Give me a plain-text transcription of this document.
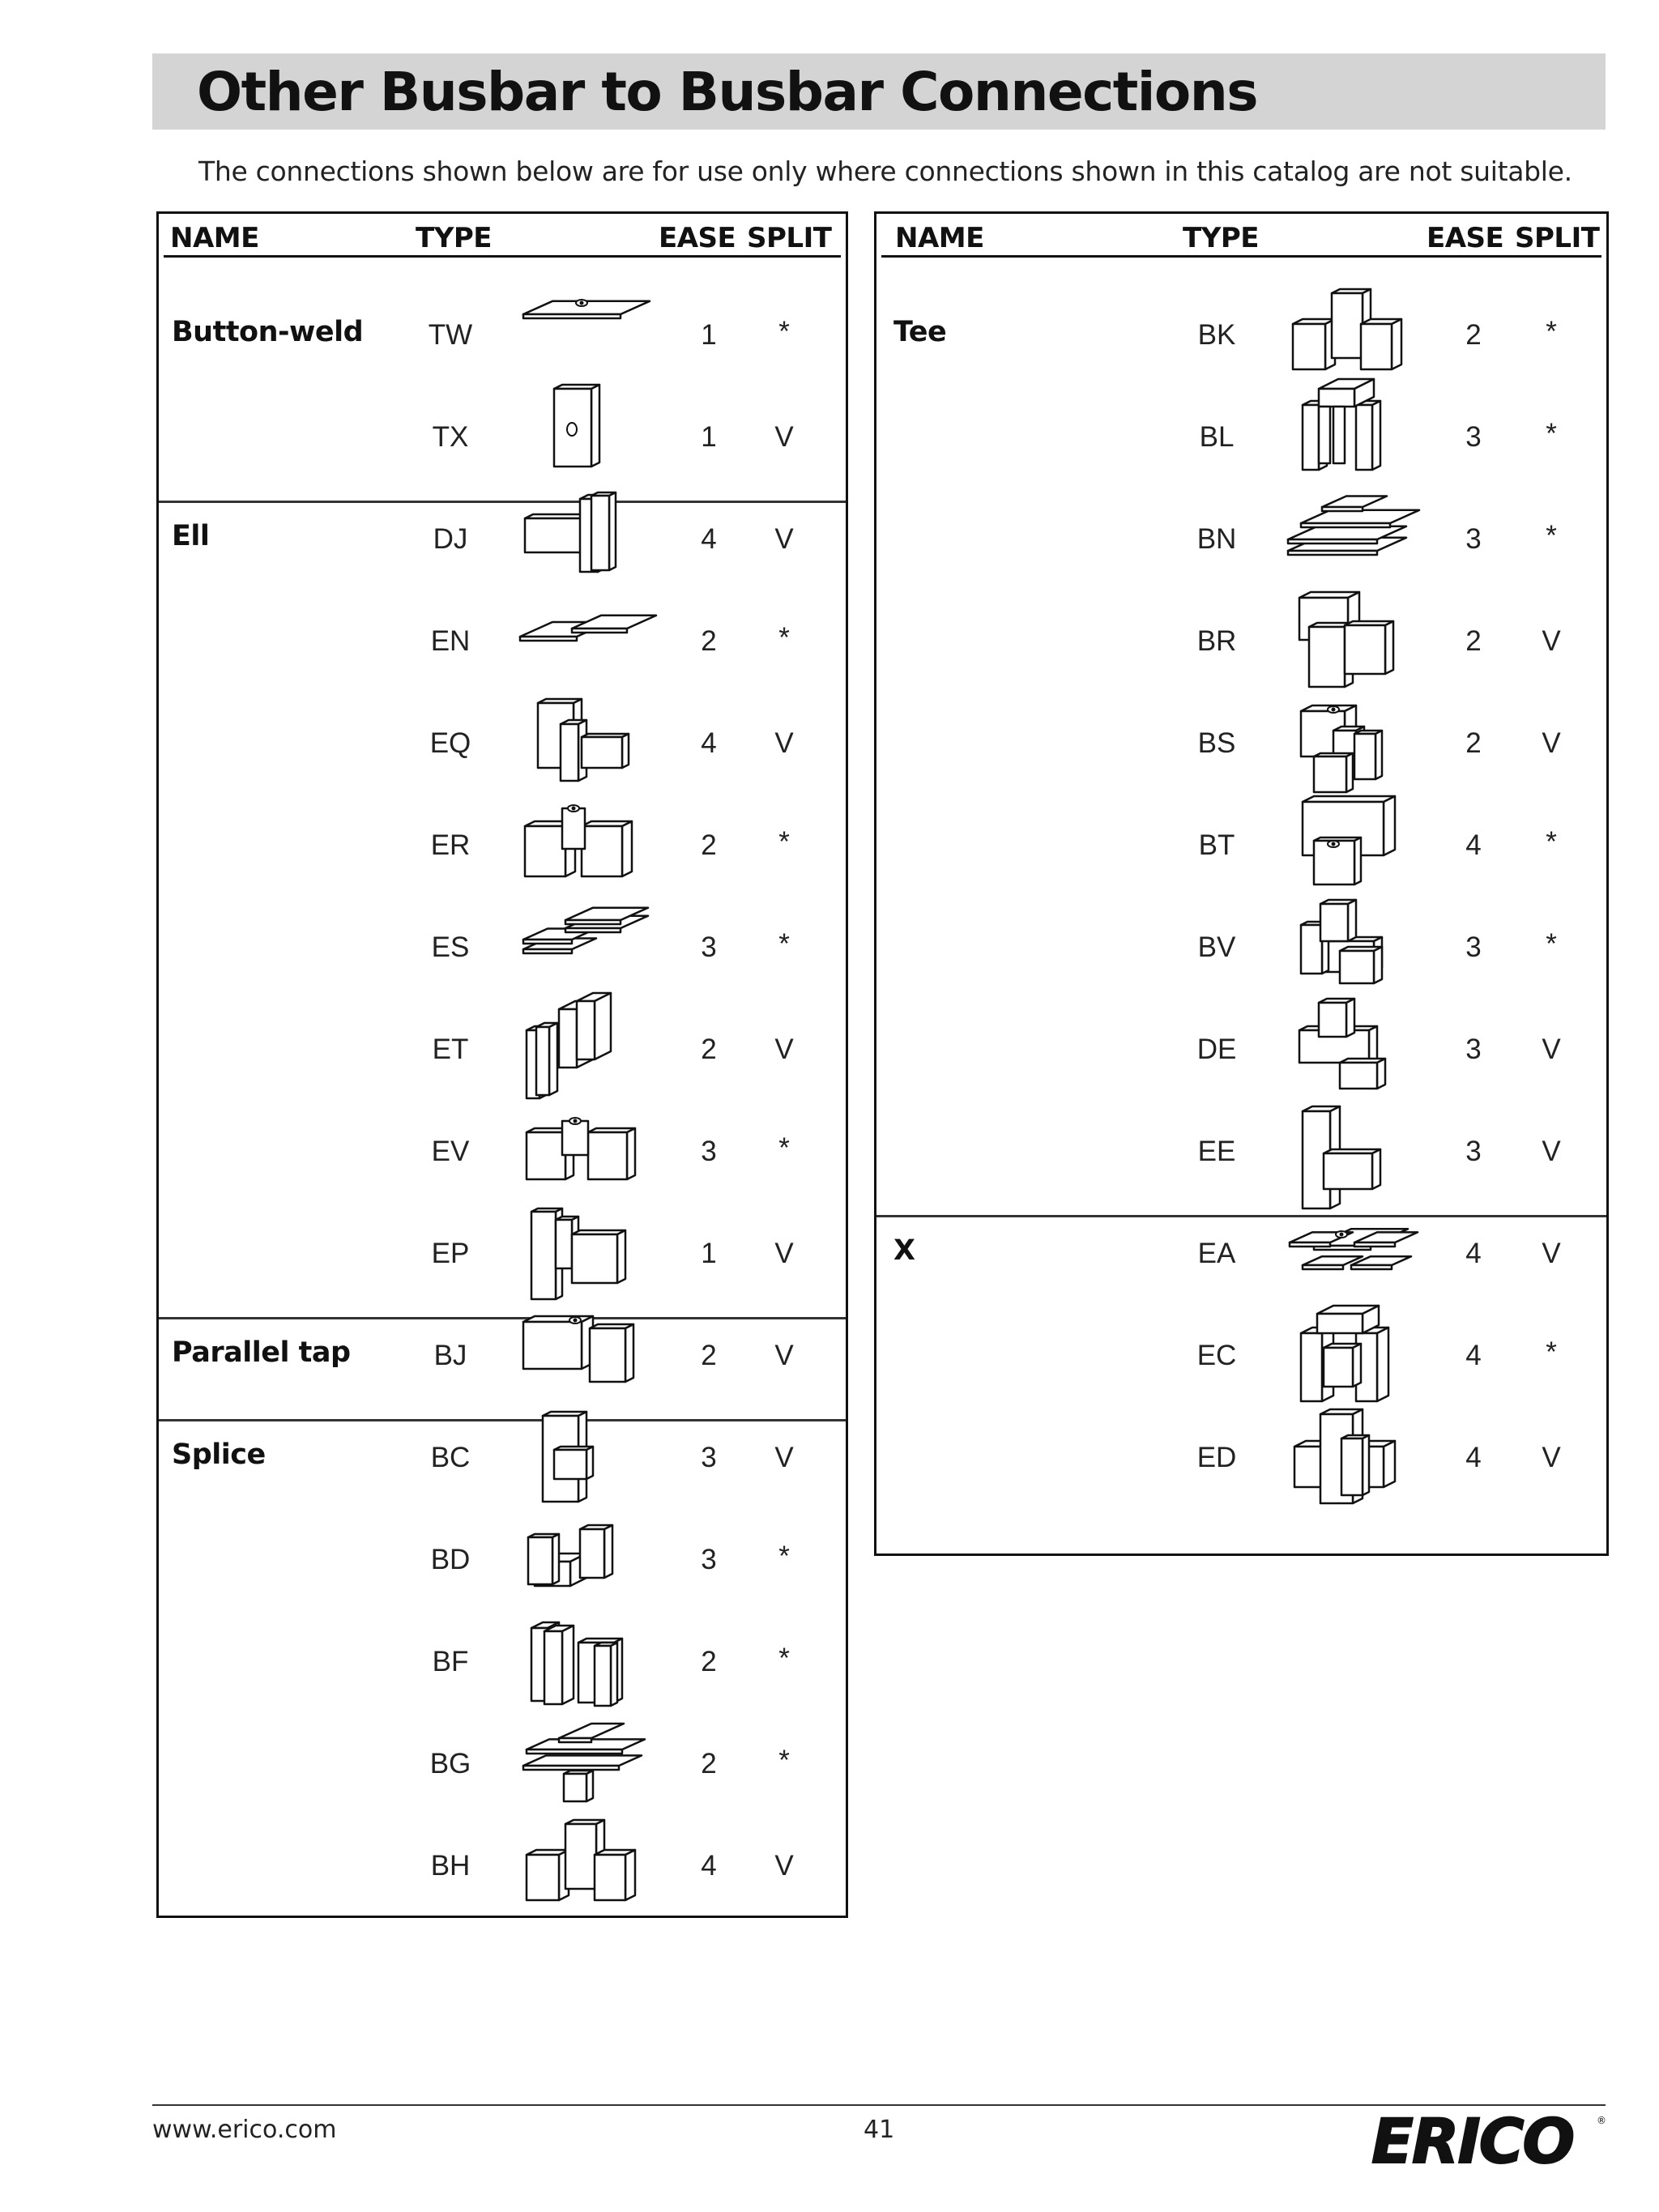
Other Busbar to Busbar Connections
The connections shown below are for use only where connections shown in this catalog are not suitable.
NAME	TYPE	EASE SPLIT
Button-weld TW	1 *
TX	1 V
Ell	DJ	4 V
EN	2 *
EQ	4 V
ER	2 *
ES	3 *
ET	2 V
EV	3 *
EP	1 V
Parallel tap	BJ	2 V
Splice	BC	3 V
BD	3 *
BF	2 *
BG	2 *
BH	4 V
NAME	TYPE	EASE SPLIT
Tee	BK	2 *
BL	3 *
BN	3 *
BR	2 V
BS	2 V
BT	4 *
BV	3 *
DE	3 V
EE	3 V
X	EA	4 V
EC	4 *
ED	4 V
www.erico.com	41	ERICO ®
